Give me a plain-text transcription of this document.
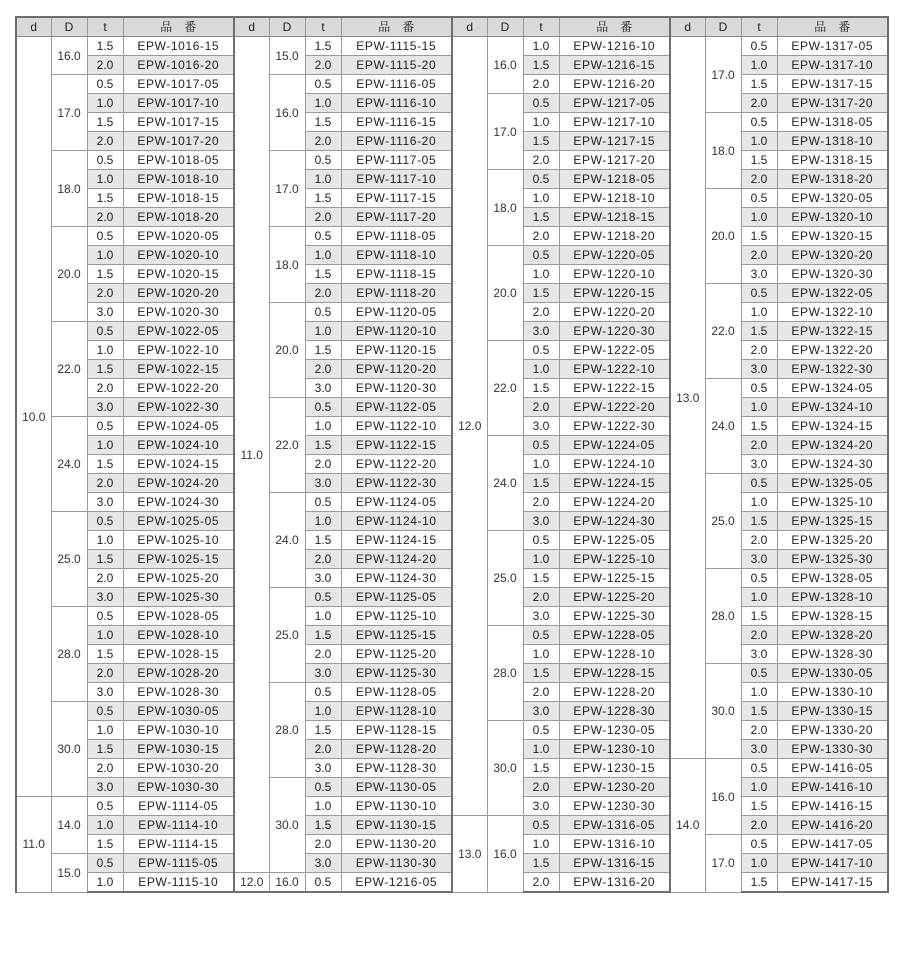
d	D	t	品　番	d	D	t	品　番	d	D	t	品　番	d	D	t	品　番
10.0	16.0	1.5	EPW-1016-15	11.0	15.0	1.5	EPW-1115-15	12.0	16.0	1.0	EPW-1216-10	13.0	17.0	0.5	EPW-1317-05
		2.0	EPW-1016-20			2.0	EPW-1115-20			1.5	EPW-1216-15			1.0	EPW-1317-10
	17.0	0.5	EPW-1017-05		16.0	0.5	EPW-1116-05			2.0	EPW-1216-20			1.5	EPW-1317-15
		1.0	EPW-1017-10			1.0	EPW-1116-10		17.0	0.5	EPW-1217-05			2.0	EPW-1317-20
		1.5	EPW-1017-15			1.5	EPW-1116-15			1.0	EPW-1217-10		18.0	0.5	EPW-1318-05
		2.0	EPW-1017-20			2.0	EPW-1116-20			1.5	EPW-1217-15			1.0	EPW-1318-10
	18.0	0.5	EPW-1018-05		17.0	0.5	EPW-1117-05			2.0	EPW-1217-20			1.5	EPW-1318-15
		1.0	EPW-1018-10			1.0	EPW-1117-10		18.0	0.5	EPW-1218-05			2.0	EPW-1318-20
		1.5	EPW-1018-15			1.5	EPW-1117-15			1.0	EPW-1218-10		20.0	0.5	EPW-1320-05
		2.0	EPW-1018-20			2.0	EPW-1117-20			1.5	EPW-1218-15			1.0	EPW-1320-10
	20.0	0.5	EPW-1020-05		18.0	0.5	EPW-1118-05			2.0	EPW-1218-20			1.5	EPW-1320-15
		1.0	EPW-1020-10			1.0	EPW-1118-10		20.0	0.5	EPW-1220-05			2.0	EPW-1320-20
		1.5	EPW-1020-15			1.5	EPW-1118-15			1.0	EPW-1220-10			3.0	EPW-1320-30
		2.0	EPW-1020-20			2.0	EPW-1118-20			1.5	EPW-1220-15		22.0	0.5	EPW-1322-05
		3.0	EPW-1020-30		20.0	0.5	EPW-1120-05			2.0	EPW-1220-20			1.0	EPW-1322-10
	22.0	0.5	EPW-1022-05			1.0	EPW-1120-10			3.0	EPW-1220-30			1.5	EPW-1322-15
		1.0	EPW-1022-10			1.5	EPW-1120-15		22.0	0.5	EPW-1222-05			2.0	EPW-1322-20
		1.5	EPW-1022-15			2.0	EPW-1120-20			1.0	EPW-1222-10			3.0	EPW-1322-30
		2.0	EPW-1022-20			3.0	EPW-1120-30			1.5	EPW-1222-15		24.0	0.5	EPW-1324-05
		3.0	EPW-1022-30		22.0	0.5	EPW-1122-05			2.0	EPW-1222-20			1.0	EPW-1324-10
	24.0	0.5	EPW-1024-05			1.0	EPW-1122-10			3.0	EPW-1222-30			1.5	EPW-1324-15
		1.0	EPW-1024-10			1.5	EPW-1122-15		24.0	0.5	EPW-1224-05			2.0	EPW-1324-20
		1.5	EPW-1024-15			2.0	EPW-1122-20			1.0	EPW-1224-10			3.0	EPW-1324-30
		2.0	EPW-1024-20			3.0	EPW-1122-30			1.5	EPW-1224-15		25.0	0.5	EPW-1325-05
		3.0	EPW-1024-30		24.0	0.5	EPW-1124-05			2.0	EPW-1224-20			1.0	EPW-1325-10
	25.0	0.5	EPW-1025-05			1.0	EPW-1124-10			3.0	EPW-1224-30			1.5	EPW-1325-15
		1.0	EPW-1025-10			1.5	EPW-1124-15		25.0	0.5	EPW-1225-05			2.0	EPW-1325-20
		1.5	EPW-1025-15			2.0	EPW-1124-20			1.0	EPW-1225-10			3.0	EPW-1325-30
		2.0	EPW-1025-20			3.0	EPW-1124-30			1.5	EPW-1225-15		28.0	0.5	EPW-1328-05
		3.0	EPW-1025-30		25.0	0.5	EPW-1125-05			2.0	EPW-1225-20			1.0	EPW-1328-10
	28.0	0.5	EPW-1028-05			1.0	EPW-1125-10			3.0	EPW-1225-30			1.5	EPW-1328-15
		1.0	EPW-1028-10			1.5	EPW-1125-15		28.0	0.5	EPW-1228-05			2.0	EPW-1328-20
		1.5	EPW-1028-15			2.0	EPW-1125-20			1.0	EPW-1228-10			3.0	EPW-1328-30
		2.0	EPW-1028-20			3.0	EPW-1125-30			1.5	EPW-1228-15		30.0	0.5	EPW-1330-05
		3.0	EPW-1028-30		28.0	0.5	EPW-1128-05			2.0	EPW-1228-20			1.0	EPW-1330-10
	30.0	0.5	EPW-1030-05			1.0	EPW-1128-10			3.0	EPW-1228-30			1.5	EPW-1330-15
		1.0	EPW-1030-10			1.5	EPW-1128-15		30.0	0.5	EPW-1230-05			2.0	EPW-1330-20
		1.5	EPW-1030-15			2.0	EPW-1128-20			1.0	EPW-1230-10			3.0	EPW-1330-30
		2.0	EPW-1030-20			3.0	EPW-1128-30			1.5	EPW-1230-15	14.0	16.0	0.5	EPW-1416-05
		3.0	EPW-1030-30		30.0	0.5	EPW-1130-05			2.0	EPW-1230-20			1.0	EPW-1416-10
11.0	14.0	0.5	EPW-1114-05			1.0	EPW-1130-10			3.0	EPW-1230-30			1.5	EPW-1416-15
		1.0	EPW-1114-10			1.5	EPW-1130-15	13.0	16.0	0.5	EPW-1316-05			2.0	EPW-1416-20
		1.5	EPW-1114-15			2.0	EPW-1130-20			1.0	EPW-1316-10		17.0	0.5	EPW-1417-05
	15.0	0.5	EPW-1115-05			3.0	EPW-1130-30			1.5	EPW-1316-15			1.0	EPW-1417-10
		1.0	EPW-1115-10	12.0	16.0	0.5	EPW-1216-05			2.0	EPW-1316-20			1.5	EPW-1417-15
